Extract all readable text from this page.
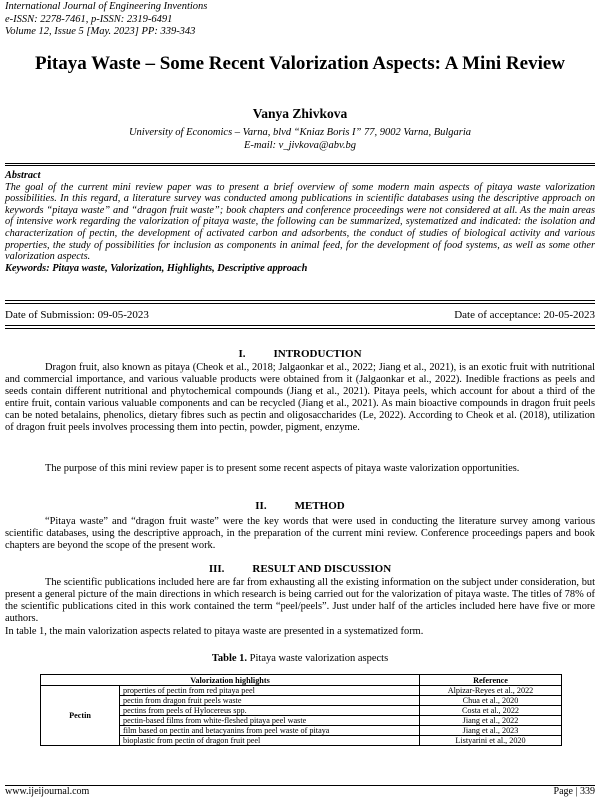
International Journal of Engineering Inventions
e-ISSN: 2278-7461, p-ISSN: 2319-6491
Volume 12, Issue 5 [May. 2023] PP: 339-343
Pitaya Waste – Some Recent Valorization Aspects: A Mini Review
Vanya Zhivkova
University of Economics – Varna, blvd “Kniaz Boris I” 77, 9002 Varna, Bulgaria
E-mail: v_jivkova@abv.bg
Abstract
The goal of the current mini review paper was to present a brief overview of some modern main aspects of pitaya waste valorization possibilities. In this regard, a literature survey was conducted among publications in scientific databases using the descriptive approach on keywords “pitaya waste” and “dragon fruit waste”; book chapters and conference proceedings were not considered at all. As the main areas of intensive work regarding the valorization of pitaya waste, the following can be summarized, systematized and indicated: the isolation and characterization of pectin, the development of activated carbon and adsorbents, the conduct of studies of biological activity and various properties, the study of possibilities for inclusion as components in animal feed, for the development of food systems, as well as some other valorization aspects.
Keywords: Pitaya waste, Valorization, Highlights, Descriptive approach
Date of Submission: 09-05-2023	Date of acceptance: 20-05-2023
I.	INTRODUCTION
Dragon fruit, also known as pitaya (Cheok et al., 2018; Jalgaonkar et al., 2022; Jiang et al., 2021), is an exotic fruit with nutritional and commercial importance, and various valuable products were obtained from it (Jalgaonkar et al., 2022). Inedible fractions as peels and seeds contain different nutritional and phytochemical compounds (Jiang et al., 2021). Pitaya peels, which account for about a third of the entire fruit, contain various valuable components and can be recycled (Jiang et al., 2021). As main bioactive compounds in dragon fruit peels can be noted betalains, phenolics, dietary fibres such as pectin and oligosaccharides (Le, 2022). According to Cheok et al. (2018), utilization of dragon fruit peels involves processing them into pectin, powder, pigment, enzyme.
The purpose of this mini review paper is to present some recent aspects of pitaya waste valorization opportunities.
II.	METHOD
“Pitaya waste” and “dragon fruit waste” were the key words that were used in conducting the literature survey among various scientific databases, using the descriptive approach, in the preparation of the current mini review. Conference proceedings papers and book chapters are beyond the scope of the present work.
III.	RESULT AND DISCUSSION
The scientific publications included here are far from exhausting all the existing information on the subject under consideration, but present a general picture of the main directions in which research is being carried out for the valorization of pitaya waste. The titles of 78% of the scientific publications cited in this work contained the term “peel/peels”. Just under half of the articles included here have five or more authors.
In table 1, the main valorization aspects related to pitaya waste are presented in a systematized form.
Table 1. Pitaya waste valorization aspects
Valorization highlights		Reference
Pectin	properties of pectin from red pitaya peel	Alpizar-Reyes et al., 2022
	pectin from dragon fruit peels waste	Chua et al., 2020
	pectins from peels of Hylocereus spp.	Costa et al., 2022
	pectin-based films from white-fleshed pitaya peel waste	Jiang et al., 2022
	film based on pectin and betacyanins from peel waste of pitaya	Jiang et al., 2023
	bioplastic from pectin of dragon fruit peel	Listyarini et al., 2020
www.ijeijournal.com	Page | 339
